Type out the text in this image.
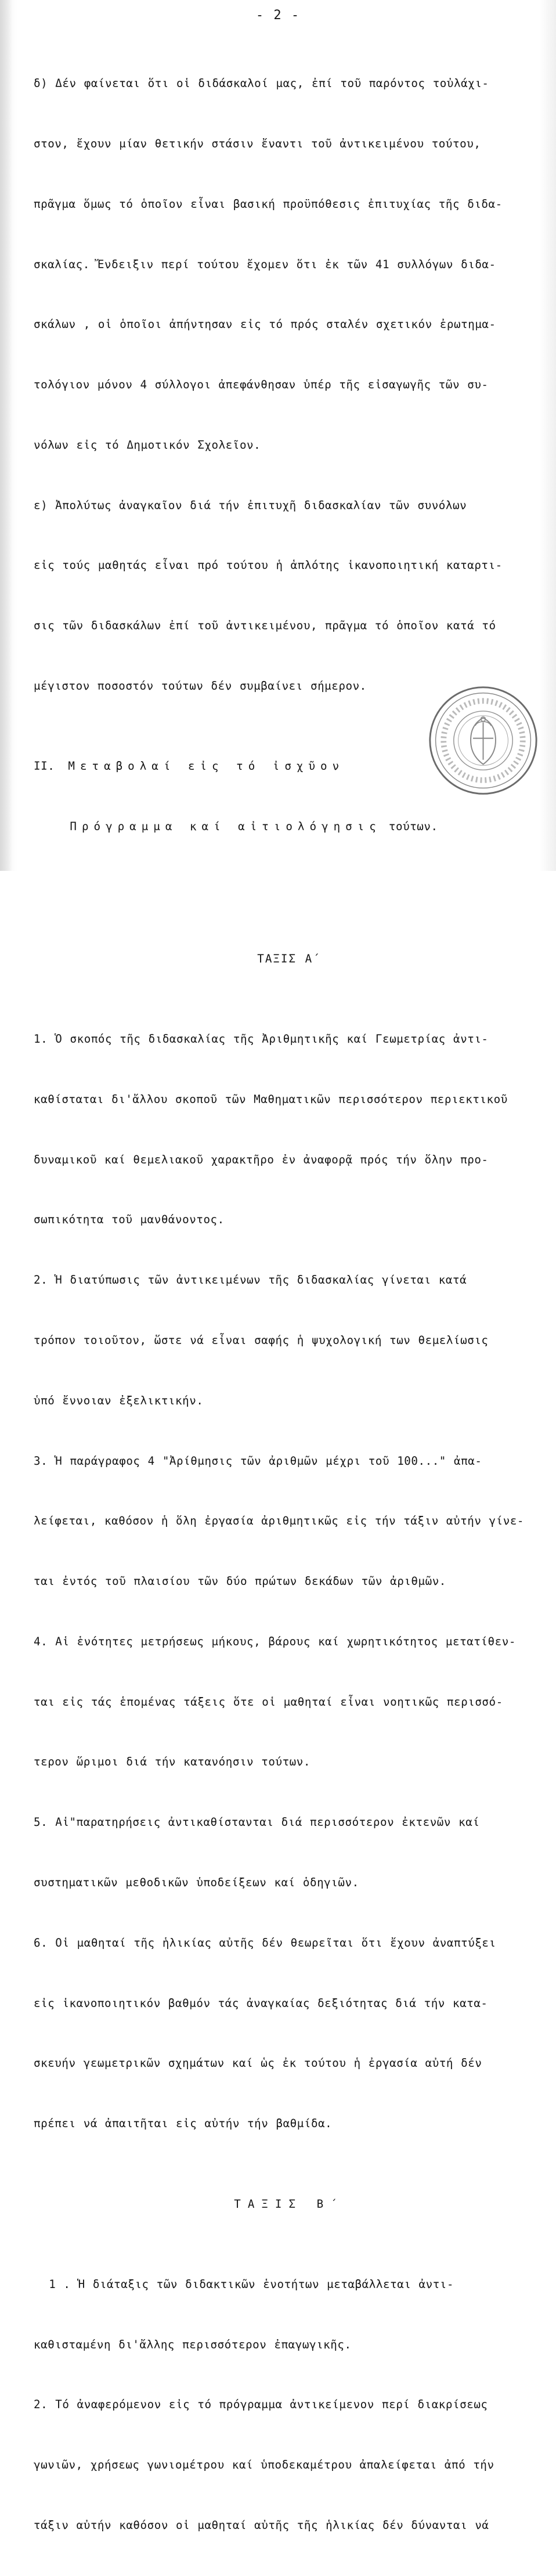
- 2 -

δ) Δέν φαίνεται ὅτι οἱ διδάσκαλοί μας, ἐπί τοῦ παρόντος τοὐλάχι-

στον, ἔχουν μίαν θετικήν στάσιν ἔναντι τοῦ ἀντικειμένου τούτου,

πρᾶγμα ὅμως τό ὁποῖον εἶναι βασική προϋπόθεσις ἐπιτυχίας τῆς διδα-

σκαλίας. Ἔνδειξιν περί τούτου ἔχομεν ὅτι ἐκ τῶν 41 συλλόγων διδα-

σκάλων , οἱ ὁποῖοι ἀπήντησαν εἰς τό πρός σταλέν σχετικόν ἐρωτημα-

τολόγιον μόνον 4 σύλλογοι ἀπεφάνθησαν ὑπέρ τῆς εἰσαγωγῆς τῶν συ-

νόλων εἰς τό Δημοτικόν Σχολεῖον.

ε) Ἀπολύτως ἀναγκαῖον διά τήν ἐπιτυχῆ διδασκαλίαν τῶν συνόλων

εἰς τούς μαθητάς εἶναι πρό τούτου ἡ ἁπλότης ἱκανοποιητική καταρτι-

σις τῶν διδασκάλων ἐπί τοῦ ἀντικειμένου, πρᾶγμα τό ὁποῖον κατά τό

μέγιστον ποσοστόν τούτων δέν συμβαίνει σήμερον.

ΙΙ. Μεταβολαί εἰς τό ἰσχῦον

Πρόγραμμα καί αἰτιολόγησις τούτων.

ΤΑΞΙΣ Α΄

1. Ὁ σκοπός τῆς διδασκαλίας τῆς Ἀριθμητικῆς καί Γεωμετρίας ἀντι-

καθίσταται δι'ἄλλου σκοποῦ τῶν Μαθηματικῶν περισσότερον περιεκτικοῦ

δυναμικοῦ καί θεμελιακοῦ χαρακτῆρο ἐν ἀναφορᾷ πρός τήν ὅλην προ-

σωπικότητα τοῦ μανθάνοντος.

2. Ἡ διατύπωσις τῶν ἀντικειμένων τῆς διδασκαλίας γίνεται κατά

τρόπον τοιοῦτον, ὥστε νά εἶναι σαφής ἡ ψυχολογική των θεμελίωσις

ὑπό ἔννοιαν ἐξελικτικήν.

3. Ἡ παράγραφος 4 "Ἀρίθμησις τῶν ἀριθμῶν μέχρι τοῦ 100..." ἀπα-

λείφεται, καθόσον ἡ ὅλη ἐργασία ἀριθμητικῶς εἰς τήν τάξιν αὐτήν γίνε-

ται ἐντός τοῦ πλαισίου τῶν δύο πρώτων δεκάδων τῶν ἀριθμῶν.

4. Αἱ ἑνότητες μετρήσεως μήκους, βάρους καί χωρητικότητος μετατίθεν-

ται εἰς τάς ἑπομένας τάξεις ὅτε οἱ μαθηταί εἶναι νοητικῶς περισσό-

τερον ὥριμοι διά τήν κατανόησιν τούτων.

5. Αἱ"παρατηρήσεις ἀντικαθίστανται διά περισσότερον ἐκτενῶν καί

συστηματικῶν μεθοδικῶν ὑποδείξεων καί ὁδηγιῶν.

6. Οἱ μαθηταί τῆς ἡλικίας αὐτῆς δέν θεωρεῖται ὅτι ἔχουν ἀναπτύξει

εἰς ἱκανοποιητικόν βαθμόν τάς ἀναγκαίας δεξιότητας διά τήν κατα-

σκευήν γεωμετρικῶν σχημάτων καί ὡς ἐκ τούτου ἡ ἐργασία αὐτή δέν

πρέπει νά ἀπαιτῆται εἰς αὐτήν τήν βαθμίδα.

ΤΑΞΙΣ Β΄

1 . Ἡ διάταξις τῶν διδακτικῶν ἑνοτήτων μεταβάλλεται ἀντι-

καθισταμένη δι'ἄλλης περισσότερον ἐπαγωγικῆς.

2. Τό ἀναφερόμενον εἰς τό πρόγραμμα ἀντικείμενον περί διακρίσεως

γωνιῶν, χρήσεως γωνιομέτρου καί ὑποδεκαμέτρου ἀπαλείφεται ἀπό τήν

τάξιν αὐτήν καθόσον οἱ μαθηταί αὐτῆς τῆς ἡλικίας δέν δύνανται νά
